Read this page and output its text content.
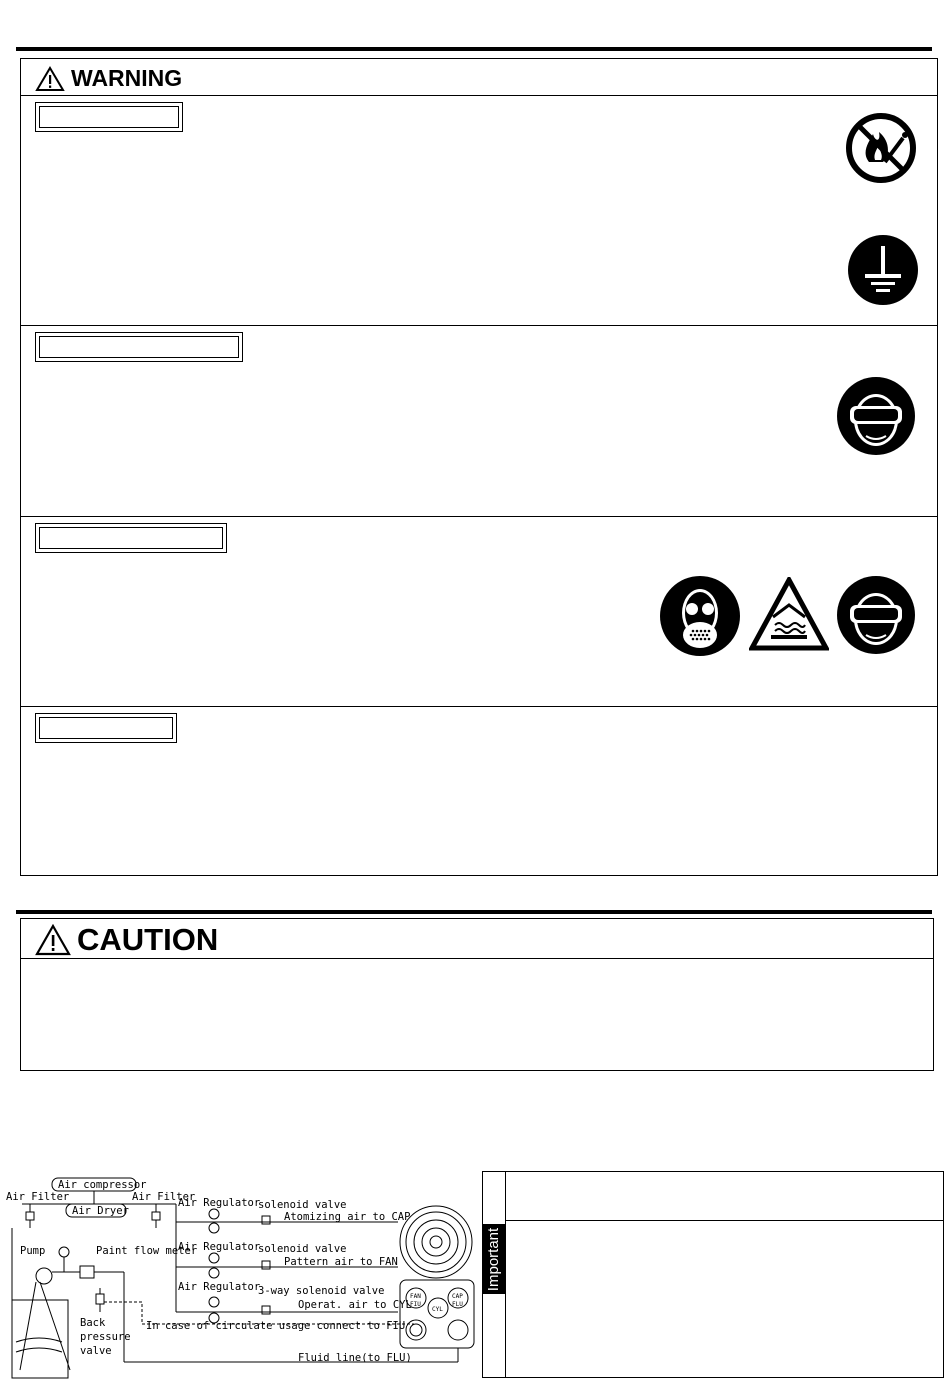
WARNING
CAUTION
Air compressor
Air Filter	Air Filter
Air Dryer
Pump	Paint flow meter
Back
pressure
valve
Air Regulator
Air Regulator
Air Regulator
solenoid valve
solenoid valve
3-way solenoid valve
Atomizing air to CAP
Pattern air to FAN
Operat. air to CYL
In case of circulate usage connect to FIU
Fluid line(to FLU)
CYL
FAN	CAP
FIU	FLU
Important
